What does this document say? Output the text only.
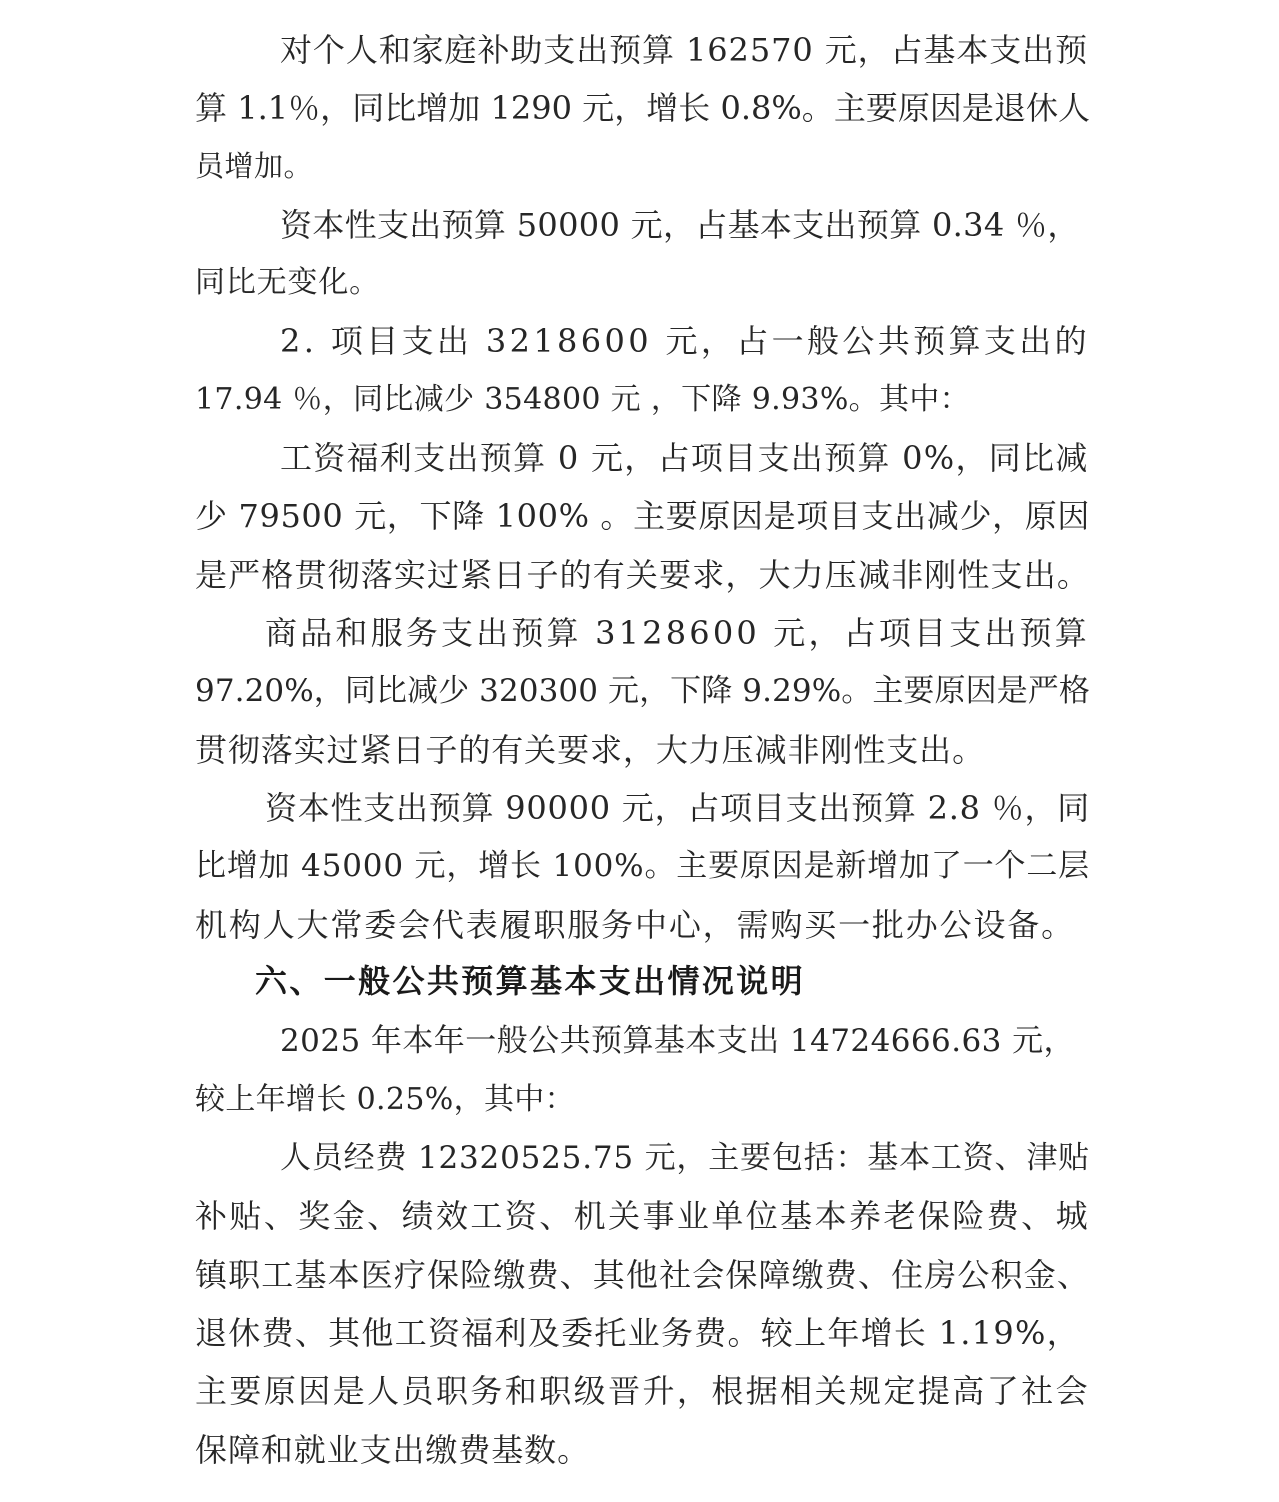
对个人和家庭补助支出预算 162570 元，占基本支出预
算 1.1％，同比增加 1290 元，增长 0.8%。主要原因是退休人
员增加。
资本性支出预算 50000 元，占基本支出预算 0.34 ％，
同比无变化。
2. 项目支出 3218600 元，占一般公共预算支出的
17.94 ％，同比减少 354800 元 ，下降 9.93%。其中：
工资福利支出预算 0 元，占项目支出预算 0%，同比减
少 79500 元，下降 100% 。主要原因是项目支出减少，原因
是严格贯彻落实过紧日子的有关要求，大力压减非刚性支出。
商品和服务支出预算 3128600 元，占项目支出预算
97.20%，同比减少 320300 元，下降 9.29%。主要原因是严格
贯彻落实过紧日子的有关要求，大力压减非刚性支出。
资本性支出预算 90000 元，占项目支出预算 2.8 ％，同
比增加 45000 元，增长 100%。主要原因是新增加了一个二层
机构人大常委会代表履职服务中心，需购买一批办公设备。
六、一般公共预算基本支出情况说明
2025 年本年一般公共预算基本支出 14724666.63 元，
较上年增长 0.25%，其中：
人员经费 12320525.75 元，主要包括：基本工资、津贴
补贴、奖金、绩效工资、机关事业单位基本养老保险费、城
镇职工基本医疗保险缴费、其他社会保障缴费、住房公积金、
退休费、其他工资福利及委托业务费。较上年增长 1.19%，
主要原因是人员职务和职级晋升，根据相关规定提高了社会
保障和就业支出缴费基数。
